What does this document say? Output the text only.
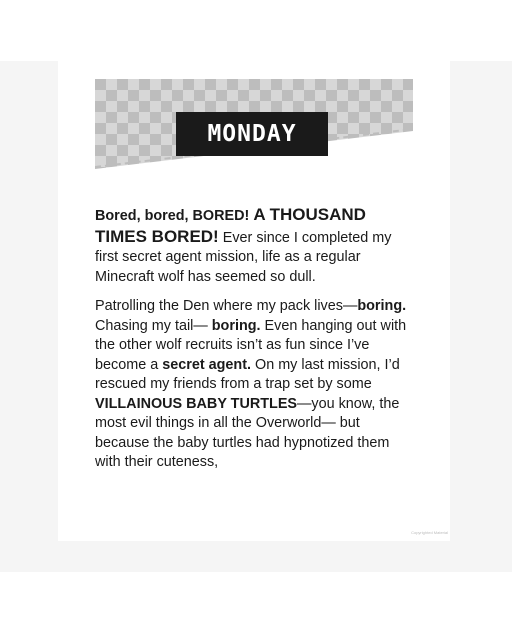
MONDAY

Bored, bored, BORED! A THOUSAND TIMES BORED! Ever since I completed my first secret agent mission, life as a regular Minecraft wolf has seemed so dull.

Patrolling the Den where my pack lives—boring. Chasing my tail— boring. Even hanging out with the other wolf recruits isn’t as fun since I’ve become a secret agent. On my last mission, I’d rescued my friends from a trap set by some VILLAINOUS BABY TURTLES—you know, the most evil things in all the Overworld— but because the baby turtles had hypnotized them with their cuteness,

Copyrighted Material
